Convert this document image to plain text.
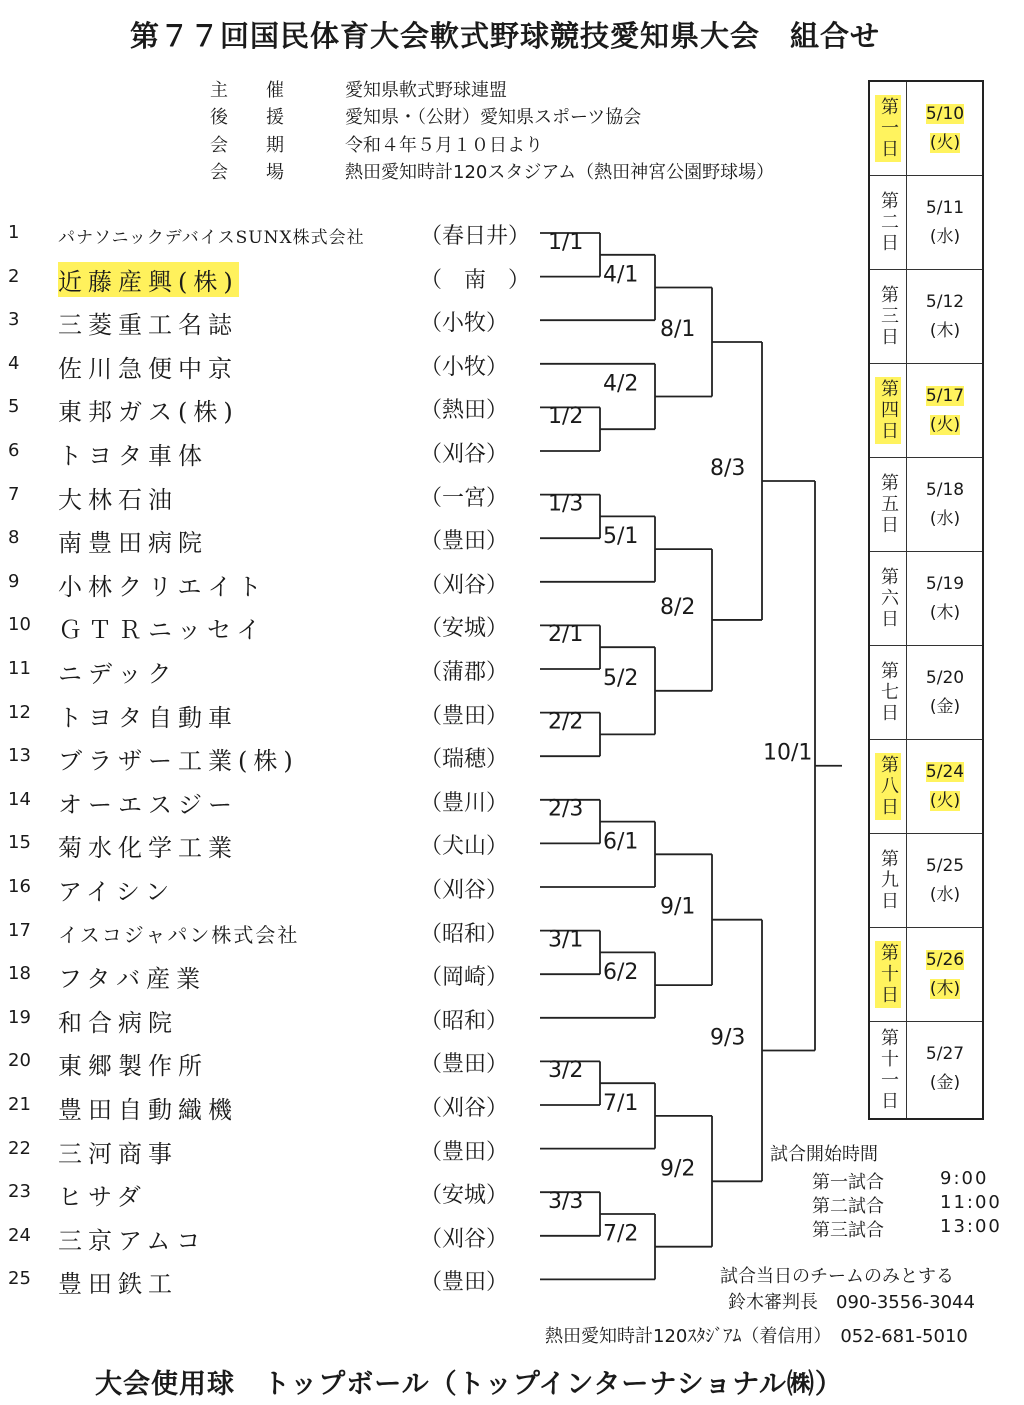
第７７回国民体育大会軟式野球競技愛知県大会　組合せ
主催 愛知県軟式野球連盟
後援 愛知県・（公財）愛知県スポーツ協会
会期 令和４年５月１０日より
会場 熱田愛知時計120スタジアム（熱田神宮公園野球場）
1	パナソニックデバイスSUNX株式会社	（春日井）
2	近藤産興(株)	（　南　）
3	三菱重工名誌	（小牧）
4	佐川急便中京	（小牧）
5	東邦ガス(株)	（熱田）
6	トヨタ車体	（刈谷）
7	大林石油	（一宮）
8	南豊田病院	（豊田）
9	小林クリエイト	（刈谷）
10	ＧＴＲニッセイ	（安城）
11	ニデック	（蒲郡）
12	トヨタ自動車	（豊田）
13	ブラザー工業(株)	（瑞穂）
14	オーエスジー	（豊川）
15	菊水化学工業	（犬山）
16	アイシン	（刈谷）
17	イスコジャパン株式会社	（昭和）
18	フタバ産業	（岡崎）
19	和合病院	（昭和）
20	東郷製作所	（豊田）
21	豊田自動織機	（刈谷）
22	三河商事	（豊田）
23	ヒサダ	（安城）
24	三京アムコ	（刈谷）
25	豊田鉄工	（豊田）
1/1
1/2
1/3
2/1
2/2
2/3
3/1
3/2
3/3
4/1
4/2
5/1
5/2
6/1
6/2
7/1
7/2
8/1
8/2
9/1
9/2
8/3
9/3
10/1
第一日	5/10
(火)
第二日	5/11
(水)
第三日	5/12
(木)
第四日	5/17
(火)
第五日	5/18
(水)
第六日	5/19
(木)
第七日	5/20
(金)
第八日	5/24
(火)
第九日	5/25
(水)
第十日	5/26
(木)
第十一日	5/27
(金)
試合開始時間
第一試合	9:00
第二試合	11:00
第三試合	13:00
試合当日のチームのみとする
鈴木審判長　090-3556-3044
熱田愛知時計120ｽﾀｼﾞｱﾑ（着信用）　052-681-5010
大会使用球　トップボール（トップインターナショナル㈱）
